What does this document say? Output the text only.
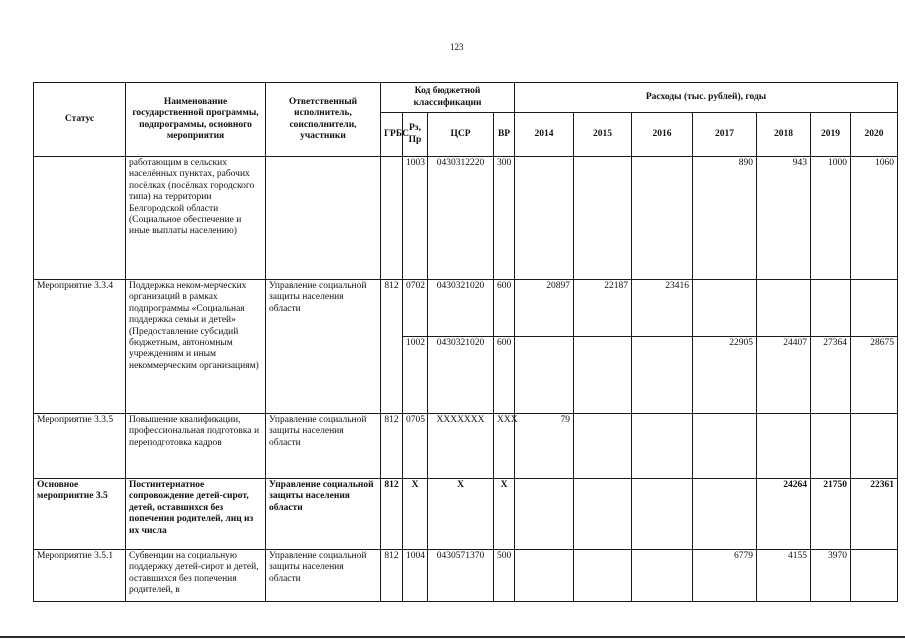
123
Статус	Наименование государственной программы, подпрограммы, основного мероприятия	Ответственный исполнитель, соисполнители, участники	Код бюджетной классификации				Расходы (тыс. рублей), годы						
			ГРБС	Рз, Пр	ЦСР	ВР	2014	2015	2016	2017	2018	2019	2020
	работающим в сельских населённых пунктах, рабочих посёлках (посёлках городского типа) на территории Белгородской области (Социальное обеспечение и иные выплаты населению)			1003	0430312220	300				890	943	1000	1060
Мероприятие 3.3.4	Поддержка неком-мерческих организаций в рамках подпрограммы «Социальная поддержка семьи и детей» (Предоставление субсидий бюджетным, автономным учреждениям и иным некоммерческим организациям)	Управление социальной защиты населения области	812	0702	0430321020	600	20897	22187	23416				
				1002	0430321020	600				22905	24407	27364	28675
Мероприятие 3.3.5	Повышение квалификации, профессиональная подготовка и переподготовка кадров	Управление социальной защиты населения области	812	0705	XXXXXXX	XXX	79						
Основное мероприятие 3.5	Постинтернатное сопровождение детей-сирот, детей, оставшихся без попечения родителей, лиц из их числа	Управление социальной защиты населения области	812	X	X	X					24264	21750	22361
Мероприятие 3.5.1	Субвенции на социальную поддержку детей-сирот и детей, оставшихся без попечения родителей, в	Управление социальной защиты населения области	812	1004	0430571370	500				6779	4155	3970	
